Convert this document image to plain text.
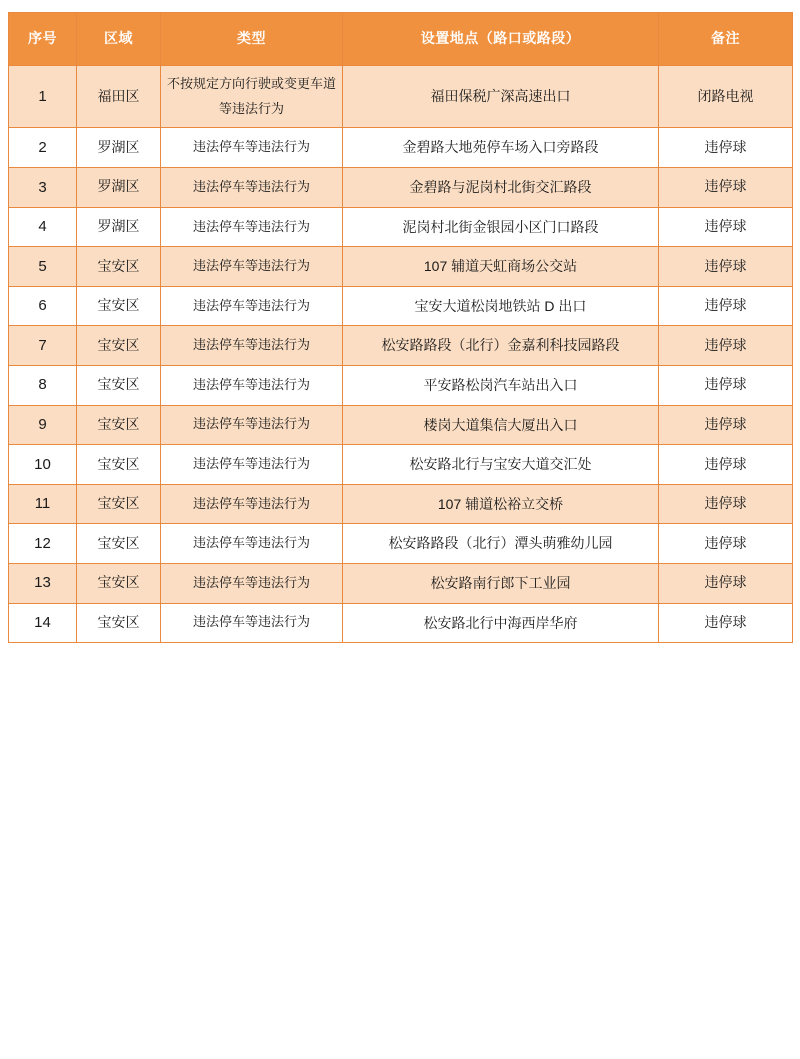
序号	区域	类型	设置地点（路口或路段）	备注
1	福田区	不按规定方向行驶或变更车道等违法行为	福田保税广深高速出口	闭路电视
2	罗湖区	违法停车等违法行为	金碧路大地苑停车场入口旁路段	违停球
3	罗湖区	违法停车等违法行为	金碧路与泥岗村北街交汇路段	违停球
4	罗湖区	违法停车等违法行为	泥岗村北街金银园小区门口路段	违停球
5	宝安区	违法停车等违法行为	107 辅道天虹商场公交站	违停球
6	宝安区	违法停车等违法行为	宝安大道松岗地铁站 D 出口	违停球
7	宝安区	违法停车等违法行为	松安路路段（北行）金嘉利科技园路段	违停球
8	宝安区	违法停车等违法行为	平安路松岗汽车站出入口	违停球
9	宝安区	违法停车等违法行为	楼岗大道集信大厦出入口	违停球
10	宝安区	违法停车等违法行为	松安路北行与宝安大道交汇处	违停球
11	宝安区	违法停车等违法行为	107 辅道松裕立交桥	违停球
12	宝安区	违法停车等违法行为	松安路路段（北行）潭头萌雅幼儿园	违停球
13	宝安区	违法停车等违法行为	松安路南行郎下工业园	违停球
14	宝安区	违法停车等违法行为	松安路北行中海西岸华府	违停球
